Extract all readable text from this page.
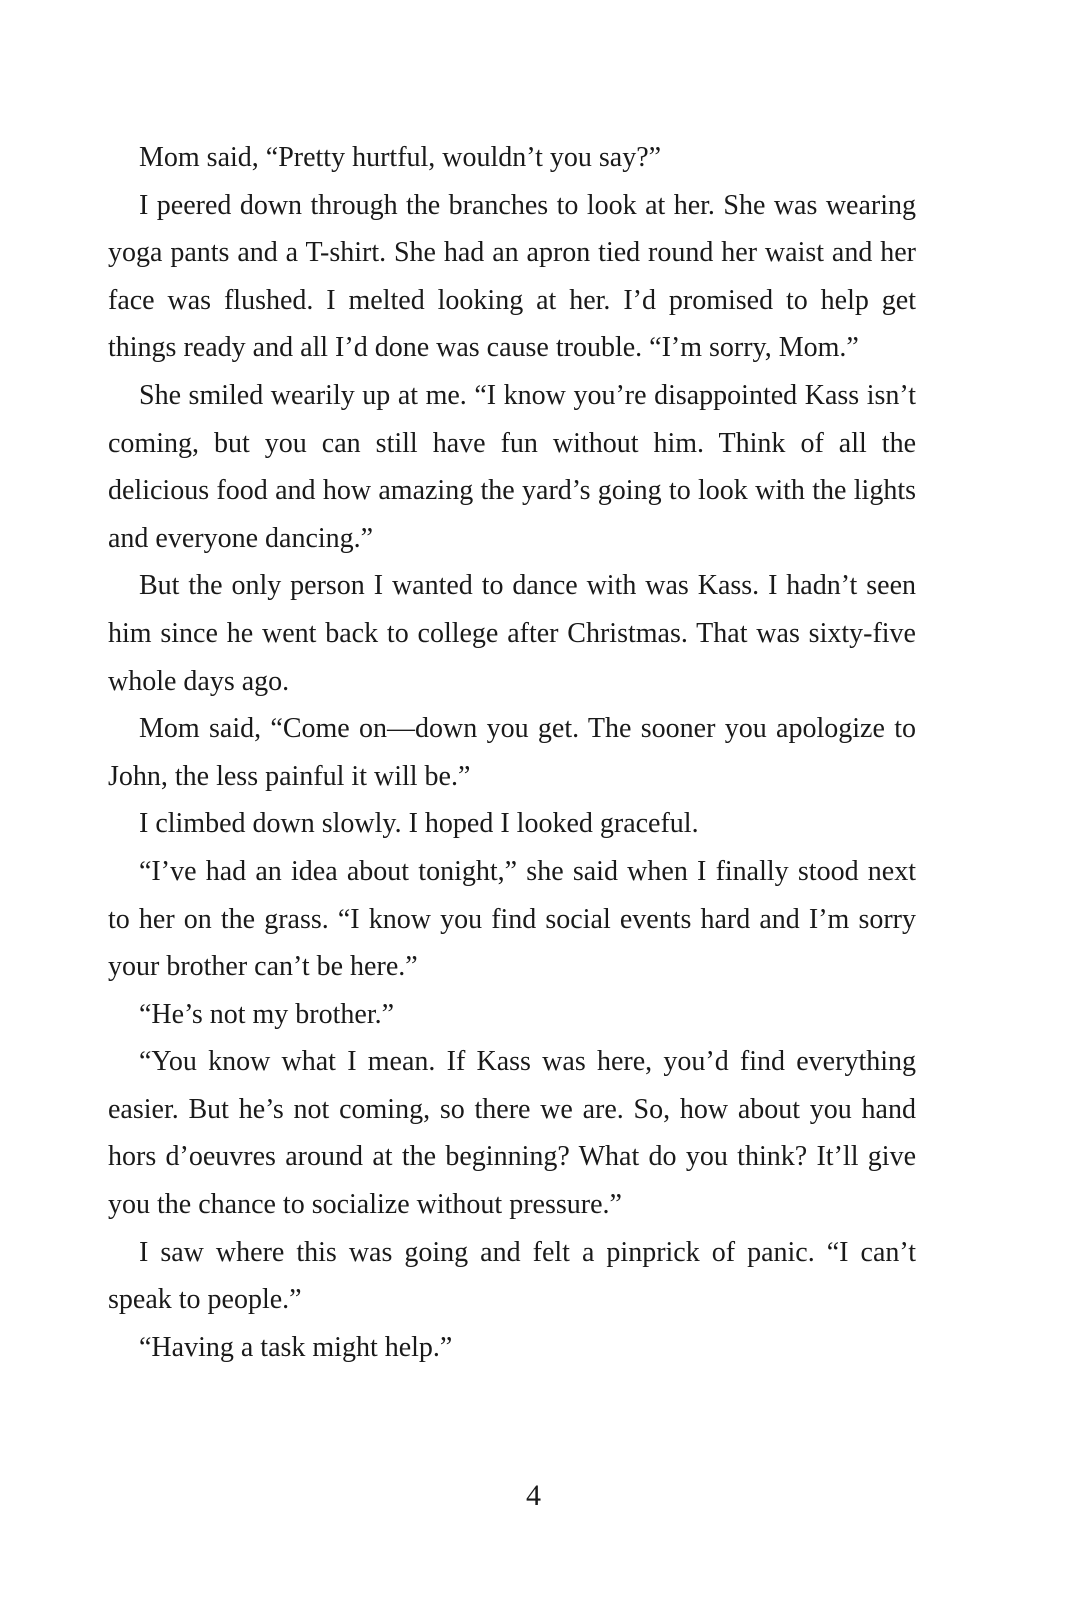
Mom said, “Pretty hurtful, wouldn’t you say?”

I peered down through the branches to look at her. She was wearing yoga pants and a T-shirt. She had an apron tied round her waist and her face was flushed. I melted looking at her. I’d promised to help get things ready and all I’d done was cause trouble. “I’m sorry, Mom.”

She smiled wearily up at me. “I know you’re disappointed Kass isn’t coming, but you can still have fun without him. Think of all the delicious food and how amazing the yard’s going to look with the lights and everyone dancing.”

But the only person I wanted to dance with was Kass. I hadn’t seen him since he went back to college after Christmas. That was sixty-five whole days ago.

Mom said, “Come on—down you get. The sooner you apologize to John, the less painful it will be.”

I climbed down slowly. I hoped I looked graceful.

“I’ve had an idea about tonight,” she said when I finally stood next to her on the grass. “I know you find social events hard and I’m sorry your brother can’t be here.”

“He’s not my brother.”

“You know what I mean. If Kass was here, you’d find everything easier. But he’s not coming, so there we are. So, how about you hand hors d’oeuvres around at the beginning? What do you think? It’ll give you the chance to socialize without pressure.”

I saw where this was going and felt a pinprick of panic. “I can’t speak to people.”

“Having a task might help.”

4
